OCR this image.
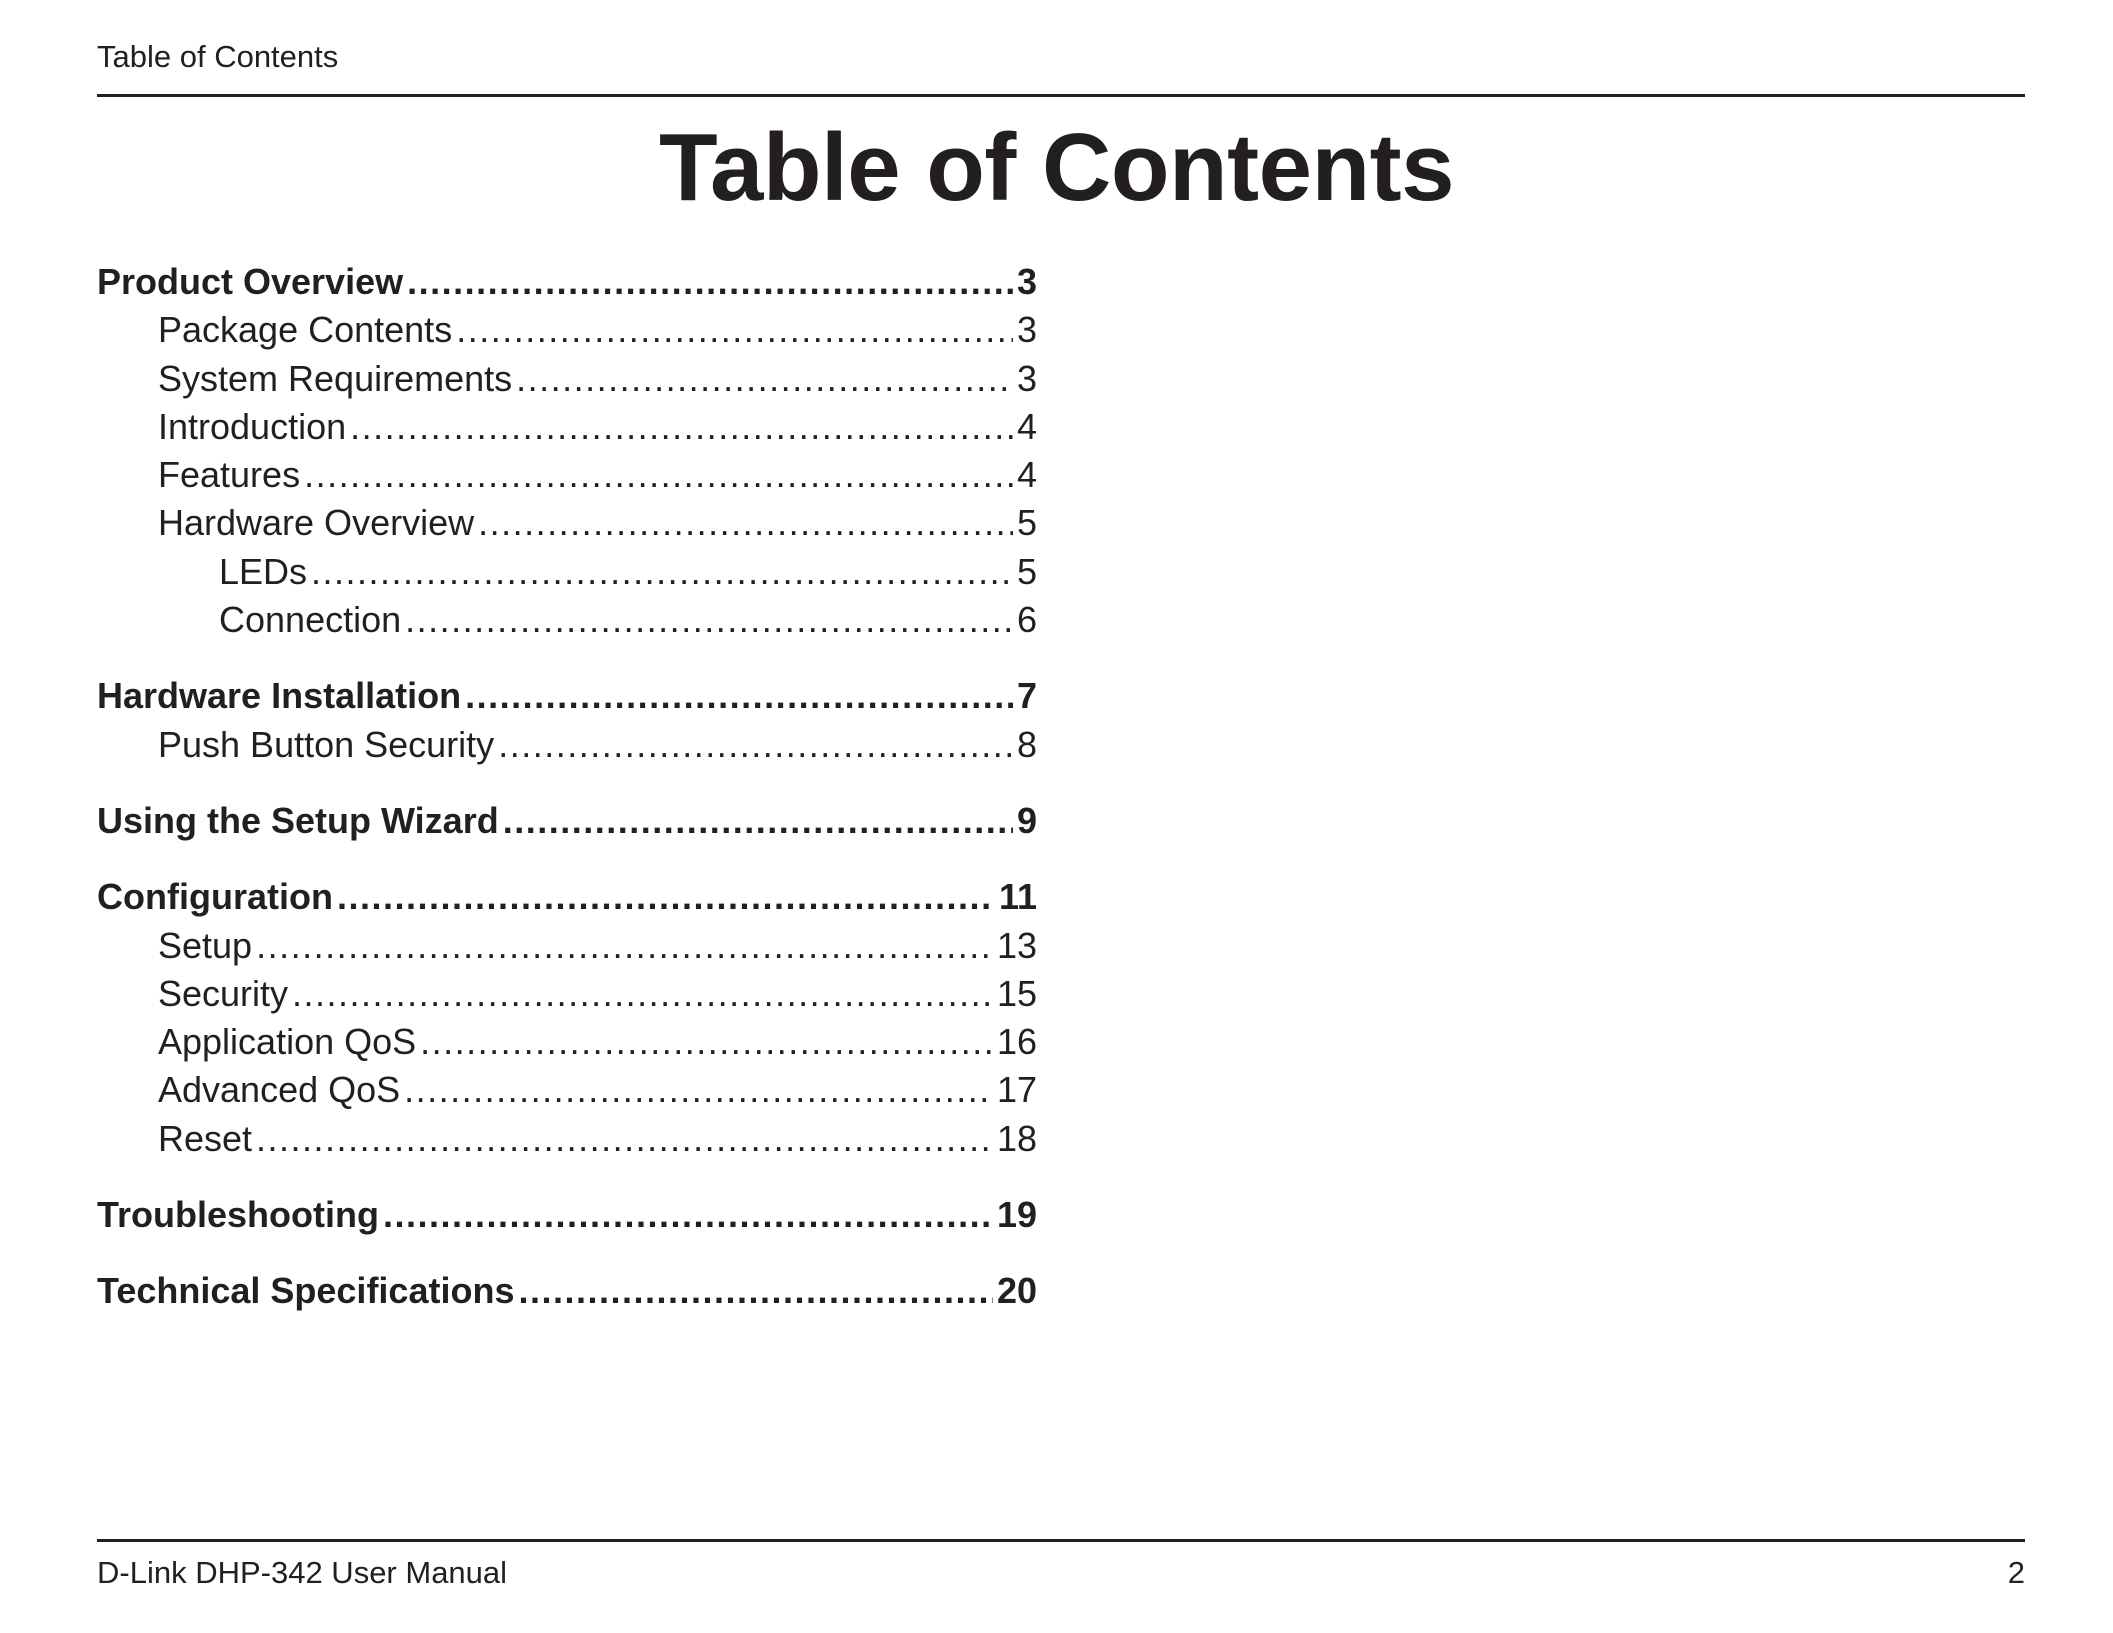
Table of Contents
Table of Contents
Product Overview .....	3
Package Contents .....	3
System Requirements .....	3
Introduction .....	4
Features .....	4
Hardware Overview .....	5
LEDs .....	5
Connection .....	6
Hardware Installation .....	7
Push Button Security .....	8
Using the Setup Wizard .....	9
Configuration .....	11
Setup .....	13
Security .....	15
Application QoS .....	16
Advanced QoS .....	17
Reset .....	18
Troubleshooting .....	19
Technical Specifications .....	20
D-Link DHP-342 User Manual	2
